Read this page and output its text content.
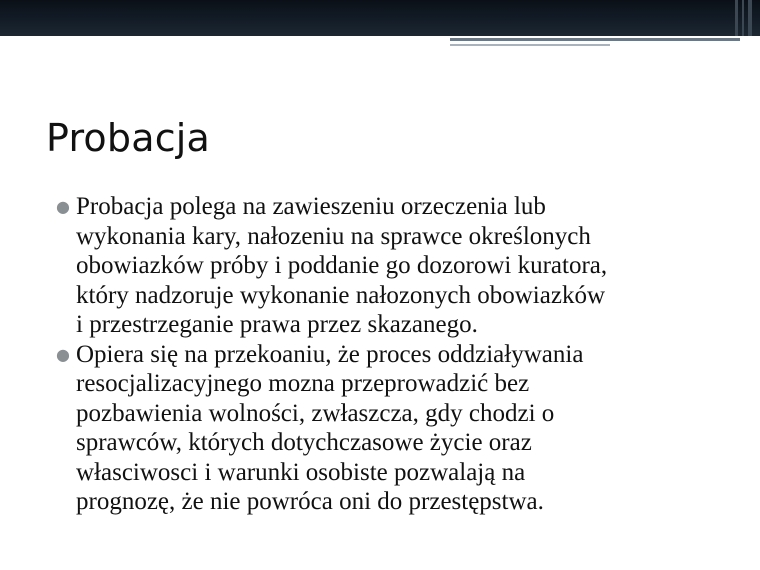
Probacja
● Probacja polega na zawieszeniu orzeczenia lub
wykonania kary, nałozeniu na sprawce określonych
obowiazków próby i poddanie go dozorowi kuratora,
który nadzoruje wykonanie nałozonych obowiazków
i przestrzeganie prawa przez skazanego.
● Opiera się na przekoaniu, że proces oddziaływania
resocjalizacyjnego mozna przeprowadzić bez
pozbawienia wolności, zwłaszcza, gdy chodzi o
sprawców, których dotychczasowe życie oraz
własciwosci i warunki osobiste pozwalają na
prognozę, że nie powróca oni do przestępstwa.
